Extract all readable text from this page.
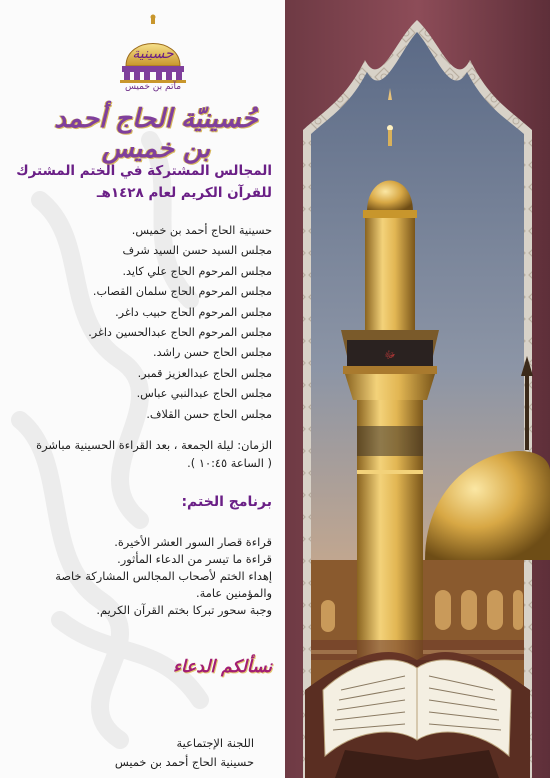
حسينية
مآتم بن خميس
حُسينيّة الحاج أحمد بن خميس
المجالس المشتركة في الختم المشترك للقرآن الكريم لعام ١٤٢٨هـ
حسينية الحاج أحمد بن خميس.
مجلس السيد حسن السيد شرف
مجلس المرحوم الحاج علي كايد.
مجلس المرحوم الحاج سلمان القصاب.
مجلس المرحوم الحاج حبيب داغر.
مجلس المرحوم الحاج عبدالحسين داغر.
مجلس الحاج حسن راشد.
مجلس الحاج عبدالعزيز قمبر.
مجلس الحاج عبدالنبي عباس.
مجلس الحاج حسن القلاف.
الزمان: ليلة الجمعة ، بعد القراءة الحسينية مباشرة
( الساعة ١٠:٤٥ ).
برنامج الختم:
قراءة قصار السور العشر الأخيرة.
قراءة ما تيسر من الدعاء المأثور.
إهداء الختم لأصحاب المجالس المشاركة خاصة
والمؤمنين عامة.
وجبة سحور تبركا بختم القرآن الكريم.
نسألكم الدعاء
اللجنة الإجتماعية
حسينية الحاج أحمد بن خميس
ﷻ
